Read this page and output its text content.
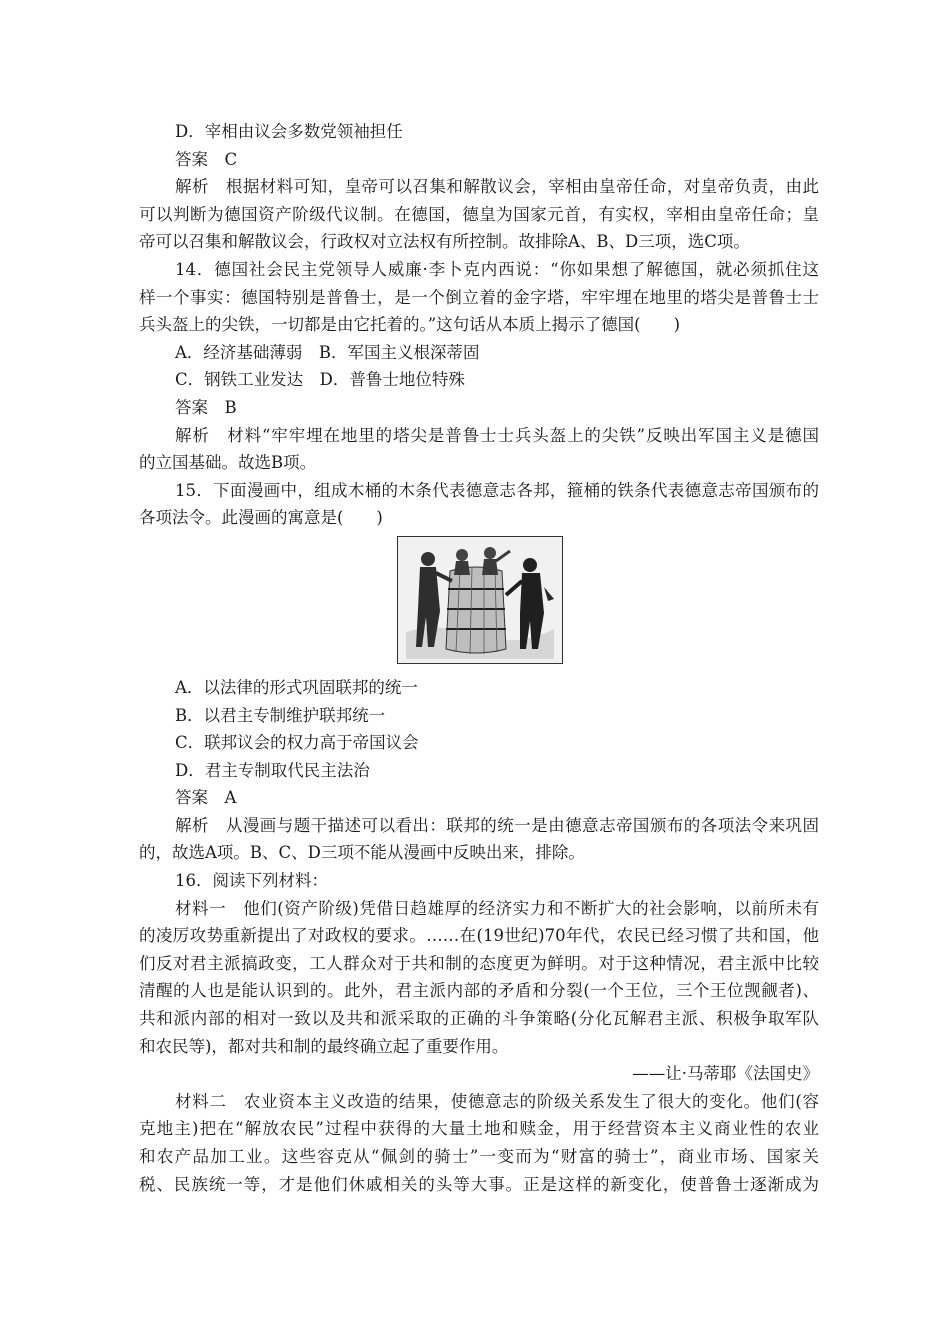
D．宰相由议会多数党领袖担任
答案　C
解析　根据材料可知，皇帝可以召集和解散议会，宰相由皇帝任命，对皇帝负责，由此
可以判断为德国资产阶级代议制。在德国，德皇为国家元首，有实权，宰相由皇帝任命；皇
帝可以召集和解散议会，行政权对立法权有所控制。故排除A、B、D三项，选C项。
14．德国社会民主党领导人威廉·李卜克内西说：“你如果想了解德国，就必须抓住这
样一个事实：德国特别是普鲁士，是一个倒立着的金字塔，牢牢埋在地里的塔尖是普鲁士士
兵头盔上的尖铁，一切都是由它托着的。”这句话从本质上揭示了德国(　　)
A．经济基础薄弱　B．军国主义根深蒂固
C．钢铁工业发达　D．普鲁士地位特殊
答案　B
解析　材料“牢牢埋在地里的塔尖是普鲁士士兵头盔上的尖铁”反映出军国主义是德国
的立国基础。故选B项。
15．下面漫画中，组成木桶的木条代表德意志各邦，箍桶的铁条代表德意志帝国颁布的
各项法令。此漫画的寓意是(　　)
A．以法律的形式巩固联邦的统一
B．以君主专制维护联邦统一
C．联邦议会的权力高于帝国议会
D．君主专制取代民主法治
答案　A
解析　从漫画与题干描述可以看出：联邦的统一是由德意志帝国颁布的各项法令来巩固
的，故选A项。B、C、D三项不能从漫画中反映出来，排除。
16．阅读下列材料：
材料一　他们(资产阶级)凭借日趋雄厚的经济实力和不断扩大的社会影响，以前所未有
的凌厉攻势重新提出了对政权的要求。……在(19世纪)70年代，农民已经习惯了共和国，他
们反对君主派搞政变，工人群众对于共和制的态度更为鲜明。对于这种情况，君主派中比较
清醒的人也是能认识到的。此外，君主派内部的矛盾和分裂(一个王位，三个王位觊觎者)、
共和派内部的相对一致以及共和派采取的正确的斗争策略(分化瓦解君主派、积极争取军队
和农民等)，都对共和制的最终确立起了重要作用。
——让·马蒂耶《法国史》
材料二　农业资本主义改造的结果，使德意志的阶级关系发生了很大的变化。他们(容
克地主)把在“解放农民”过程中获得的大量土地和赎金，用于经营资本主义商业性的农业
和农产品加工业。这些容克从“佩剑的骑士”一变而为“财富的骑士”，商业市场、国家关
税、民族统一等，才是他们休戚相关的头等大事。正是这样的新变化，使普鲁士逐渐成为
